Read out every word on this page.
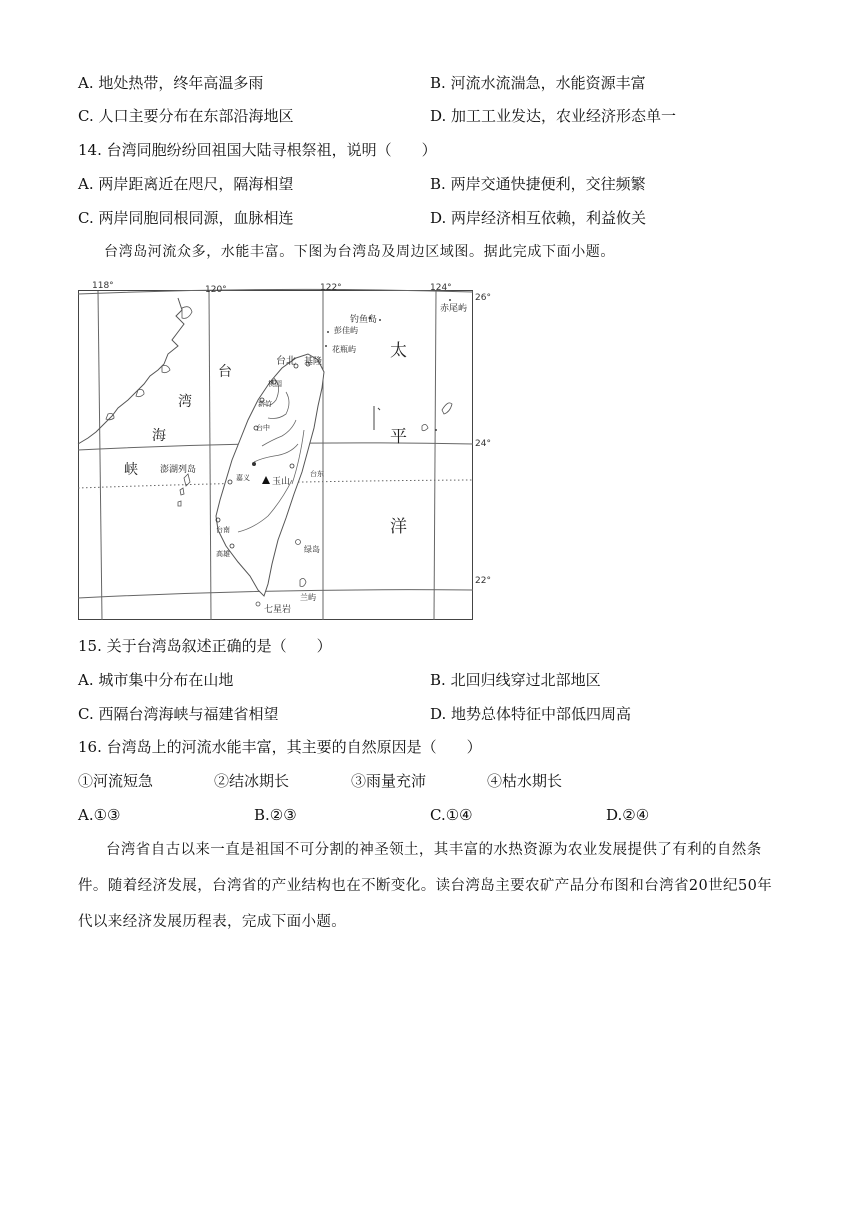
A. 地处热带，终年高温多雨	B. 河流水流湍急，水能资源丰富
C. 人口主要分布在东部沿海地区	D. 加工工业发达，农业经济形态单一
14. 台湾同胞纷纷回祖国大陆寻根祭祖，说明（　　）
A. 两岸距离近在咫尺，隔海相望	B. 两岸交通快捷便利，交往频繁
C. 两岸同胞同根同源，血脉相连	D. 两岸经济相互依赖，利益攸关
台湾岛河流众多，水能丰富。下图为台湾岛及周边区域图。据此完成下面小题。
118°	120°	122°	124°
26°
24°
22°
台
湾
海
峡
太
平
洋
钓鱼岛
赤尾屿
彭佳屿
花瓶屿
台北 基隆
桃园
新竹
台中
澎湖列岛
嘉义 玉山
台东
台南
高雄	绿岛
兰屿
七星岩
15. 关于台湾岛叙述正确的是（　　）
A. 城市集中分布在山地	B. 北回归线穿过北部地区
C. 西隔台湾海峡与福建省相望	D. 地势总体特征中部低四周高
16. 台湾岛上的河流水能丰富，其主要的自然原因是（　　）
①河流短急	②结冰期长	③雨量充沛	④枯水期长
A.①③	B.②③	C.①④	D.②④
台湾省自古以来一直是祖国不可分割的神圣领土，其丰富的水热资源为农业发展提供了有利的自然条件。随着经济发展，台湾省的产业结构也在不断变化。读台湾岛主要农矿产品分布图和台湾省20世纪50年代以来经济发展历程表，完成下面小题。
